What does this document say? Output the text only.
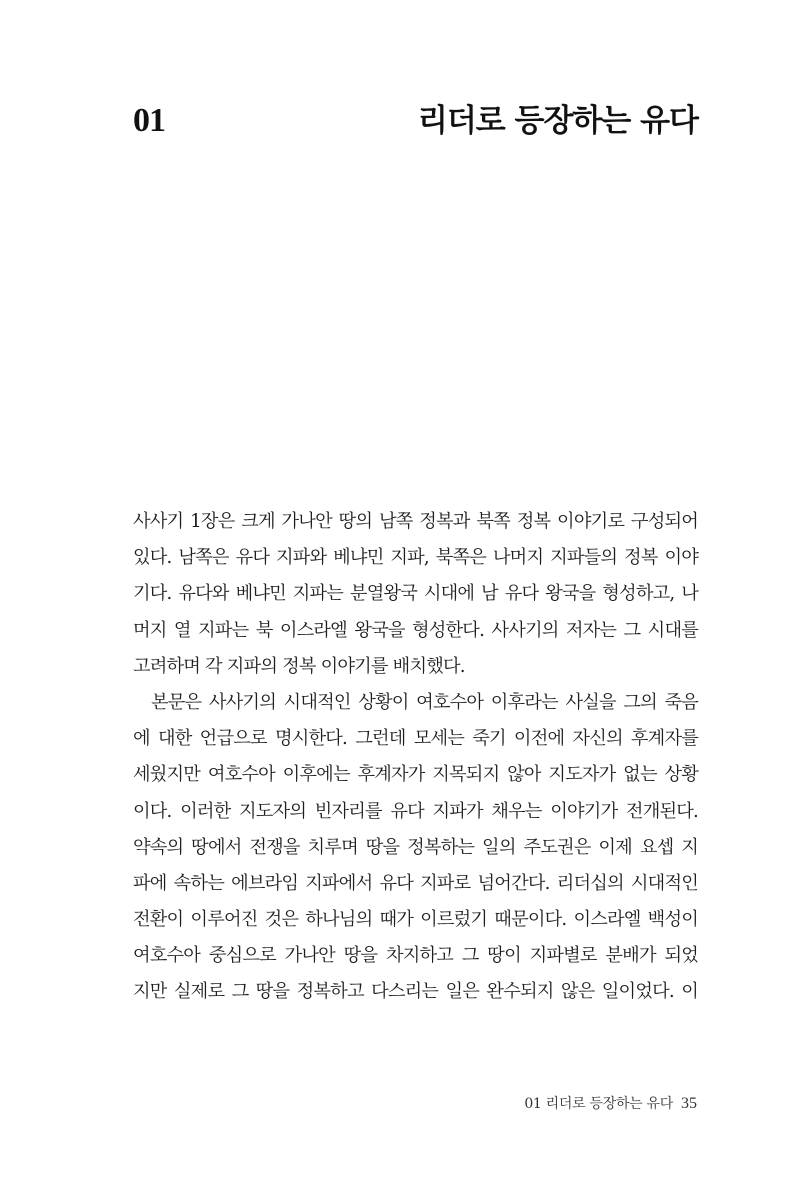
01	리더로 등장하는 유다
사사기 1장은 크게 가나안 땅의 남쪽 정복과 북쪽 정복 이야기로 구성되어
있다. 남쪽은 유다 지파와 베냐민 지파, 북쪽은 나머지 지파들의 정복 이야
기다. 유다와 베냐민 지파는 분열왕국 시대에 남 유다 왕국을 형성하고, 나
머지 열 지파는 북 이스라엘 왕국을 형성한다. 사사기의 저자는 그 시대를
고려하며 각 지파의 정복 이야기를 배치했다.
본문은 사사기의 시대적인 상황이 여호수아 이후라는 사실을 그의 죽음
에 대한 언급으로 명시한다. 그런데 모세는 죽기 이전에 자신의 후계자를
세웠지만 여호수아 이후에는 후계자가 지목되지 않아 지도자가 없는 상황
이다. 이러한 지도자의 빈자리를 유다 지파가 채우는 이야기가 전개된다.
약속의 땅에서 전쟁을 치루며 땅을 정복하는 일의 주도권은 이제 요셉 지
파에 속하는 에브라임 지파에서 유다 지파로 넘어간다. 리더십의 시대적인
전환이 이루어진 것은 하나님의 때가 이르렀기 때문이다. 이스라엘 백성이
여호수아 중심으로 가나안 땅을 차지하고 그 땅이 지파별로 분배가 되었
지만 실제로 그 땅을 정복하고 다스리는 일은 완수되지 않은 일이었다. 이
01 리더로 등장하는 유다 35
